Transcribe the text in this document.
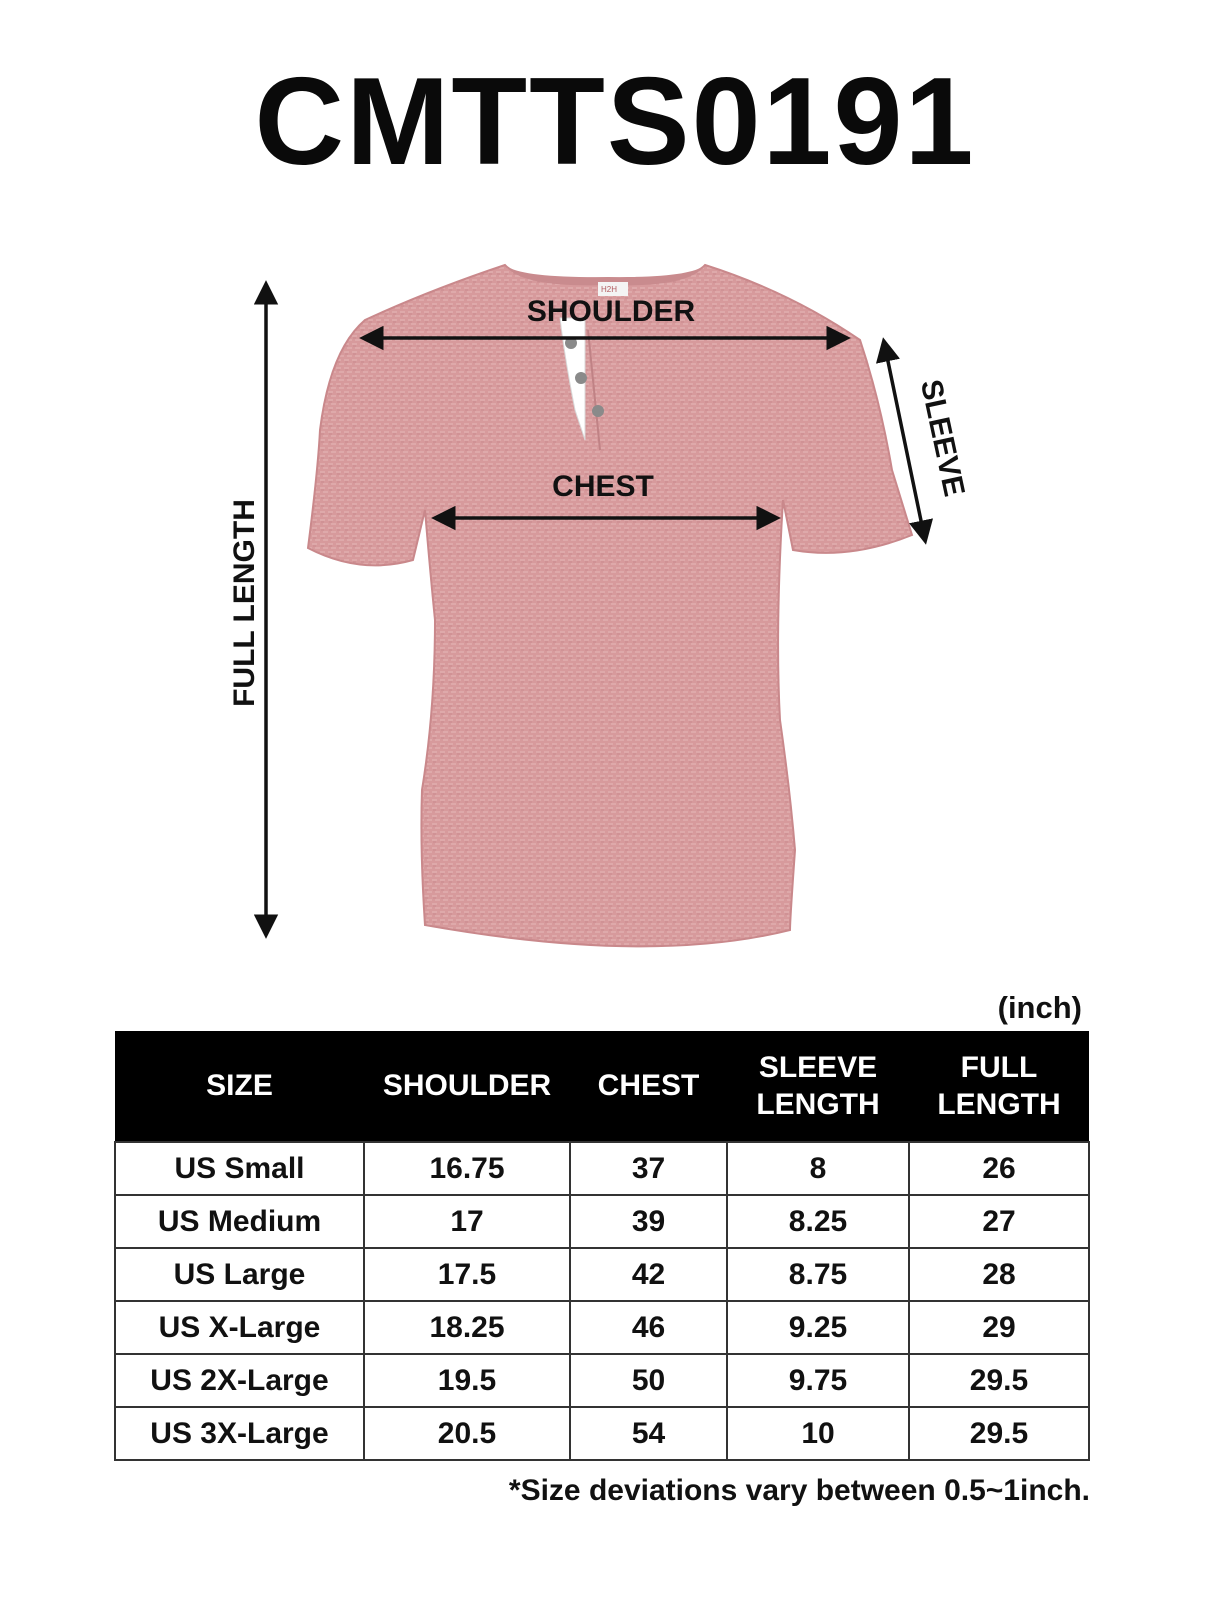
CMTTS0191
H2H
SHOULDER
CHEST	SLEEVE
FULL LENGTH
(inch)
SIZE	SHOULDER	CHEST	SLEEVE LENGTH	FULL LENGTH
US Small	16.75	37	8	26
US Medium	17	39	8.25	27
US Large	17.5	42	8.75	28
US X-Large	18.25	46	9.25	29
US 2X-Large	19.5	50	9.75	29.5
US 3X-Large	20.5	54	10	29.5
*Size deviations vary between 0.5~1inch.
